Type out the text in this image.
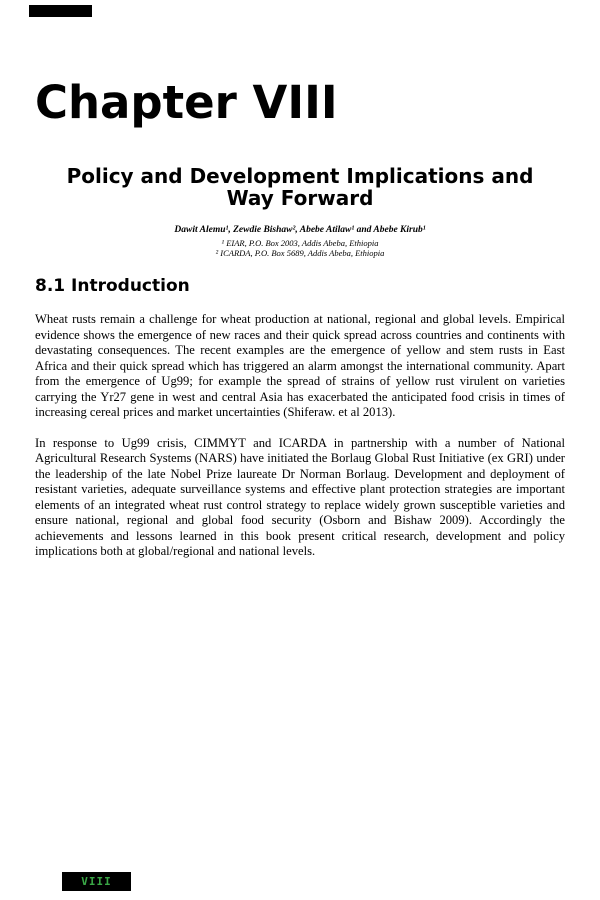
Chapter VIII
Policy and Development Implications and
Way Forward
Dawit Alemu¹, Zewdie Bishaw², Abebe Atilaw¹ and Abebe Kirub¹
¹ EIAR, P.O. Box 2003, Addis Abeba, Ethiopia
² ICARDA, P.O. Box 5689, Addis Abeba, Ethiopia
8.1 Introduction

Wheat rusts remain a challenge for wheat production at national, regional and global levels. Empirical evidence shows the emergence of new races and their quick spread across countries and continents with devastating consequences. The recent examples are the emergence of yellow and stem rusts in East Africa and their quick spread which has triggered an alarm amongst the international community. Apart from the emergence of Ug99; for example the spread of strains of yellow rust virulent on varieties carrying the Yr27 gene in west and central Asia has exacerbated the anticipated food crisis in times of increasing cereal prices and market uncertainties (Shiferaw. et al 2013).

In response to Ug99 crisis, CIMMYT and ICARDA in partnership with a number of National Agricultural Research Systems (NARS) have initiated the Borlaug Global Rust Initiative (ex GRI) under the leadership of the late Nobel Prize laureate Dr Norman Borlaug. Development and deployment of resistant varieties, adequate surveillance systems and effective plant protection strategies are important elements of an integrated wheat rust control strategy to replace widely grown susceptible varieties and ensure national, regional and global food security (Osborn and Bishaw 2009). Accordingly the achievements and lessons learned in this book present critical research, development and policy implications both at global/regional and national levels.

VIII
